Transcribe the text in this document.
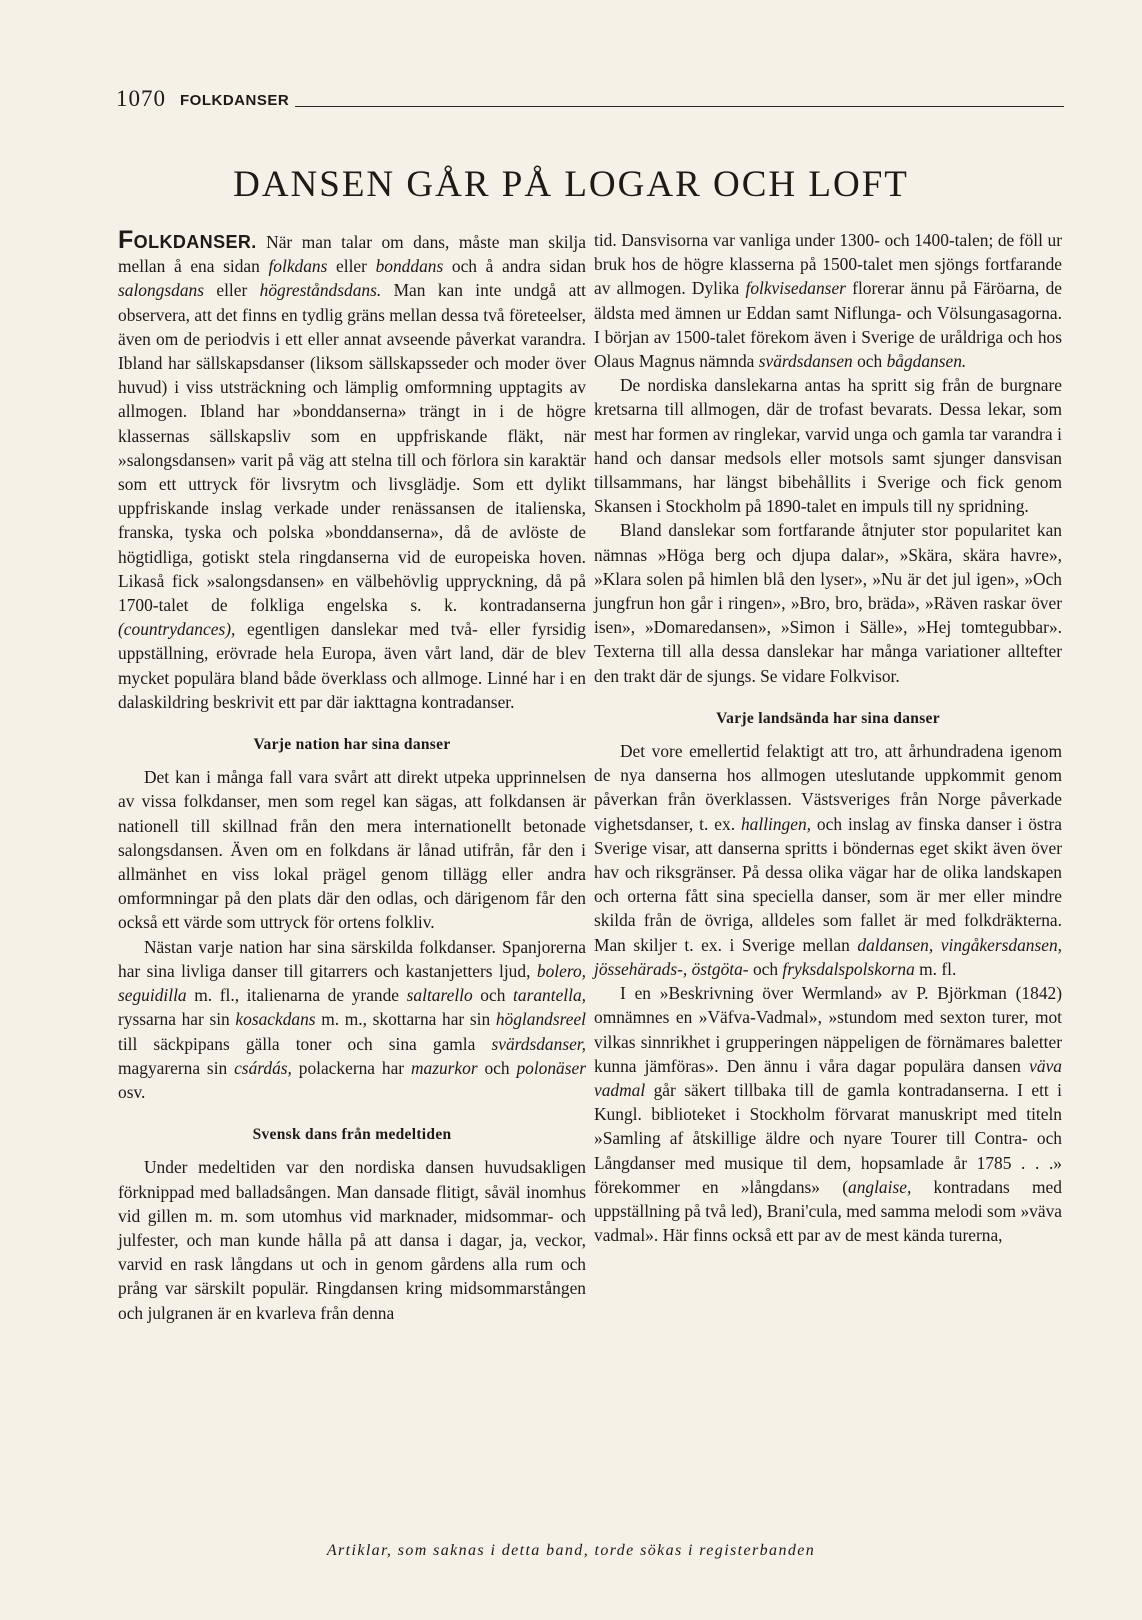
1070 FOLKDANSER
DANSEN GÅR PÅ LOGAR OCH LOFT

FOLKDANSER. När man talar om dans, måste man skilja mellan å ena sidan folkdans eller bonddans och å andra sidan salongsdans eller högreståndsdans. Man kan inte undgå att observera, att det finns en tydlig gräns mellan dessa två företeelser, även om de periodvis i ett eller annat avseende påverkat varandra. Ibland har sällskapsdanser (liksom sällskapsseder och moder över huvud) i viss utsträckning och lämplig omformning upptagits av allmogen. Ibland har »bonddanserna» trängt in i de högre klassernas sällskapsliv som en uppfriskande fläkt, när »salongsdansen» varit på väg att stelna till och förlora sin karaktär som ett uttryck för livsrytm och livsglädje. Som ett dylikt uppfriskande inslag verkade under renässansen de italienska, franska, tyska och polska »bonddanserna», då de avlöste de högtidliga, gotiskt stela ringdanserna vid de europeiska hoven. Likaså fick »salongsdansen» en välbehövlig uppryckning, då på 1700-talet de folkliga engelska s. k. kontradanserna (countrydances), egentligen danslekar med två- eller fyrsidig uppställning, erövrade hela Europa, även vårt land, där de blev mycket populära bland både överklass och allmoge. Linné har i en dalaskildring beskrivit ett par där iakttagna kontradanser.

Varje nation har sina danser

Det kan i många fall vara svårt att direkt utpeka upprinnelsen av vissa folkdanser, men som regel kan sägas, att folkdansen är nationell till skillnad från den mera internationellt betonade salongsdansen. Även om en folkdans är lånad utifrån, får den i allmänhet en viss lokal prägel genom tillägg eller andra omformningar på den plats där den odlas, och därigenom får den också ett värde som uttryck för ortens folkliv.

Nästan varje nation har sina särskilda folkdanser. Spanjorerna har sina livliga danser till gitarrers och kastanjetters ljud, bolero, seguidilla m. fl., italienarna de yrande saltarello och tarantella, ryssarna har sin kosackdans m. m., skottarna har sin höglandsreel till säckpipans gälla toner och sina gamla svärdsdanser, magyarerna sin csárdás, polackerna har mazurkor och polonäser osv.

Svensk dans från medeltiden

Under medeltiden var den nordiska dansen huvudsakligen förknippad med balladsången. Man dansade flitigt, såväl inomhus vid gillen m. m. som utomhus vid marknader, midsommar- och julfester, och man kunde hålla på att dansa i dagar, ja, veckor, varvid en rask långdans ut och in genom gårdens alla rum och prång var särskilt populär. Ringdansen kring midsommarstången och julgranen är en kvarleva från denna

tid. Dansvisorna var vanliga under 1300- och 1400-talen; de föll ur bruk hos de högre klasserna på 1500-talet men sjöngs fortfarande av allmogen. Dylika folkvisedanser florerar ännu på Färöarna, de äldsta med ämnen ur Eddan samt Niflunga- och Völsungasagorna. I början av 1500-talet förekom även i Sverige de uråldriga och hos Olaus Magnus nämnda svärdsdansen och bågdansen.

De nordiska danslekarna antas ha spritt sig från de burgnare kretsarna till allmogen, där de trofast bevarats. Dessa lekar, som mest har formen av ringlekar, varvid unga och gamla tar varandra i hand och dansar medsols eller motsols samt sjunger dansvisan tillsammans, har längst bibehållits i Sverige och fick genom Skansen i Stockholm på 1890-talet en impuls till ny spridning.

Bland danslekar som fortfarande åtnjuter stor popularitet kan nämnas »Höga berg och djupa dalar», »Skära, skära havre», »Klara solen på himlen blå den lyser», »Nu är det jul igen», »Och jungfrun hon går i ringen», »Bro, bro, bräda», »Räven raskar över isen», »Domaredansen», »Simon i Sälle», »Hej tomtegubbar». Texterna till alla dessa danslekar har många variationer alltefter den trakt där de sjungs. Se vidare Folkvisor.

Varje landsända har sina danser

Det vore emellertid felaktigt att tro, att århundradena igenom de nya danserna hos allmogen uteslutande uppkommit genom påverkan från överklassen. Västsveriges från Norge påverkade vighetsdanser, t. ex. hallingen, och inslag av finska danser i östra Sverige visar, att danserna spritts i böndernas eget skikt även över hav och riksgränser. På dessa olika vägar har de olika landskapen och orterna fått sina speciella danser, som är mer eller mindre skilda från de övriga, alldeles som fallet är med folkdräkterna. Man skiljer t. ex. i Sverige mellan daldansen, vingåkersdansen, jössehärads-, östgöta- och fryksdalspolskorna m. fl.

I en »Beskrivning över Wermland» av P. Björkman (1842) omnämnes en »Väfva-Vadmal», »stundom med sexton turer, mot vilkas sinnrikhet i grupperingen näppeligen de förnämares baletter kunna jämföras». Den ännu i våra dagar populära dansen väva vadmal går säkert tillbaka till de gamla kontradanserna. I ett i Kungl. biblioteket i Stockholm förvarat manuskript med titeln »Samling af åtskillige äldre och nyare Tourer till Contra- och Långdanser med musique til dem, hopsamlade år 1785 . . .» förekommer en »långdans» (anglaise, kontradans med uppställning på två led), Brani'cula, med samma melodi som »väva vadmal». Här finns också ett par av de mest kända turerna,

Artiklar, som saknas i detta band, torde sökas i registerbanden
